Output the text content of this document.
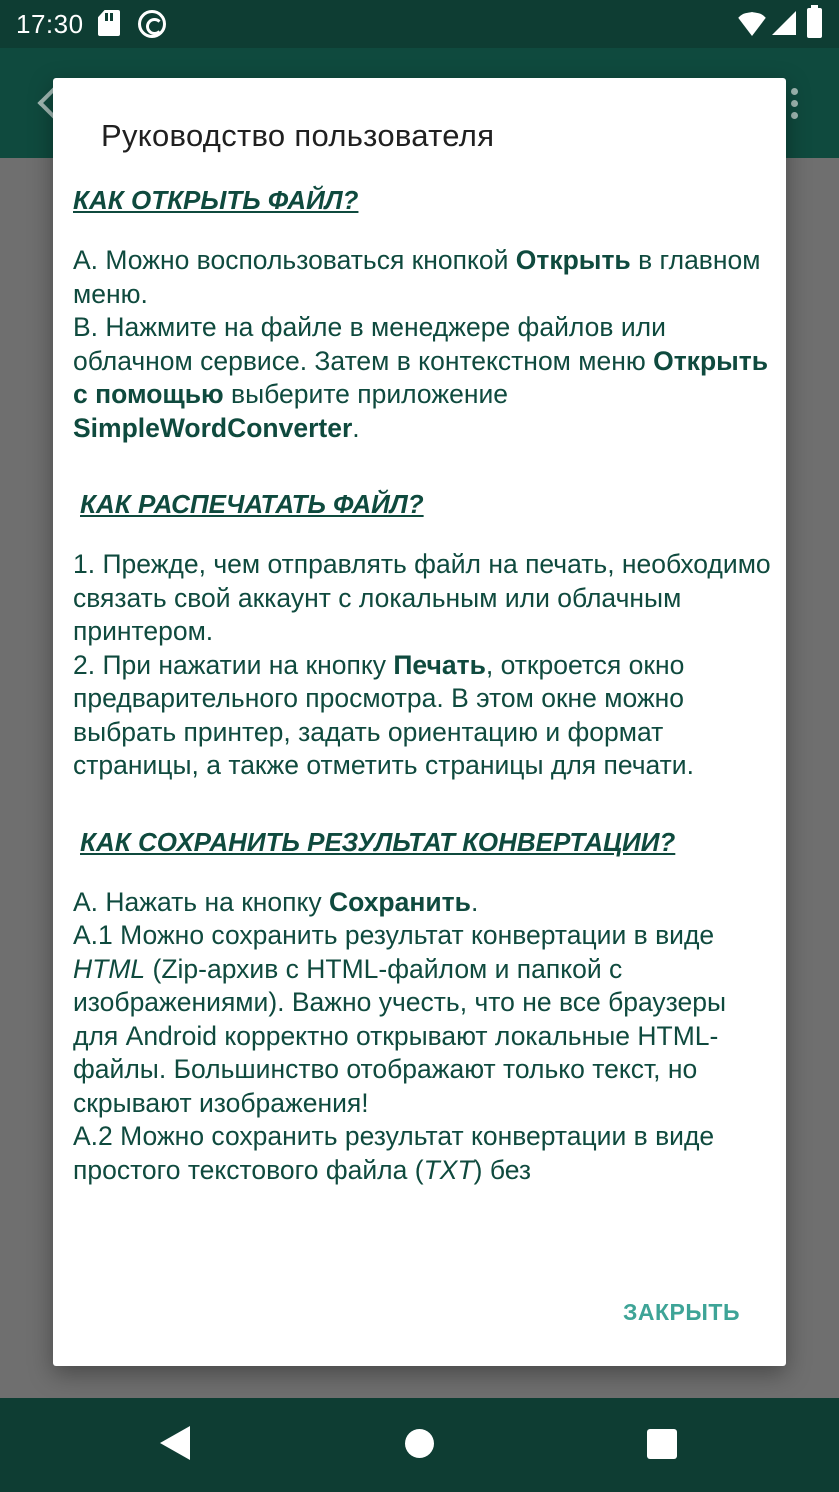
17:30
Руководство пользователя
КАК ОТКРЫТЬ ФАЙЛ?

A. Можно воспользоваться кнопкой Открыть в главном меню.

B. Нажмите на файле в менеджере файлов или облачном сервисе. Затем в контекстном меню Открыть с помощью выберите приложение SimpleWordConverter.

КАК РАСПЕЧАТАТЬ ФАЙЛ?

1. Прежде, чем отправлять файл на печать, необходимо связать свой аккаунт с локальным или облачным принтером.

2. При нажатии на кнопку Печать, откроется окно предварительного просмотра. В этом окне можно выбрать принтер, задать ориентацию и формат страницы, а также отметить страницы для печати.

КАК СОХРАНИТЬ РЕЗУЛЬТАТ КОНВЕРТАЦИИ?

A. Нажать на кнопку Сохранить.

A.1 Можно сохранить результат конвертации в виде HTML (Zip-архив с HTML-файлом и папкой с изображениями). Важно учесть, что не все браузеры для Android корректно открывают локальные HTML-файлы. Большинство отображают только текст, но скрывают изображения!

A.2 Можно сохранить результат конвертации в виде простого текстового файла (TXT) без

ЗАКРЫТЬ
